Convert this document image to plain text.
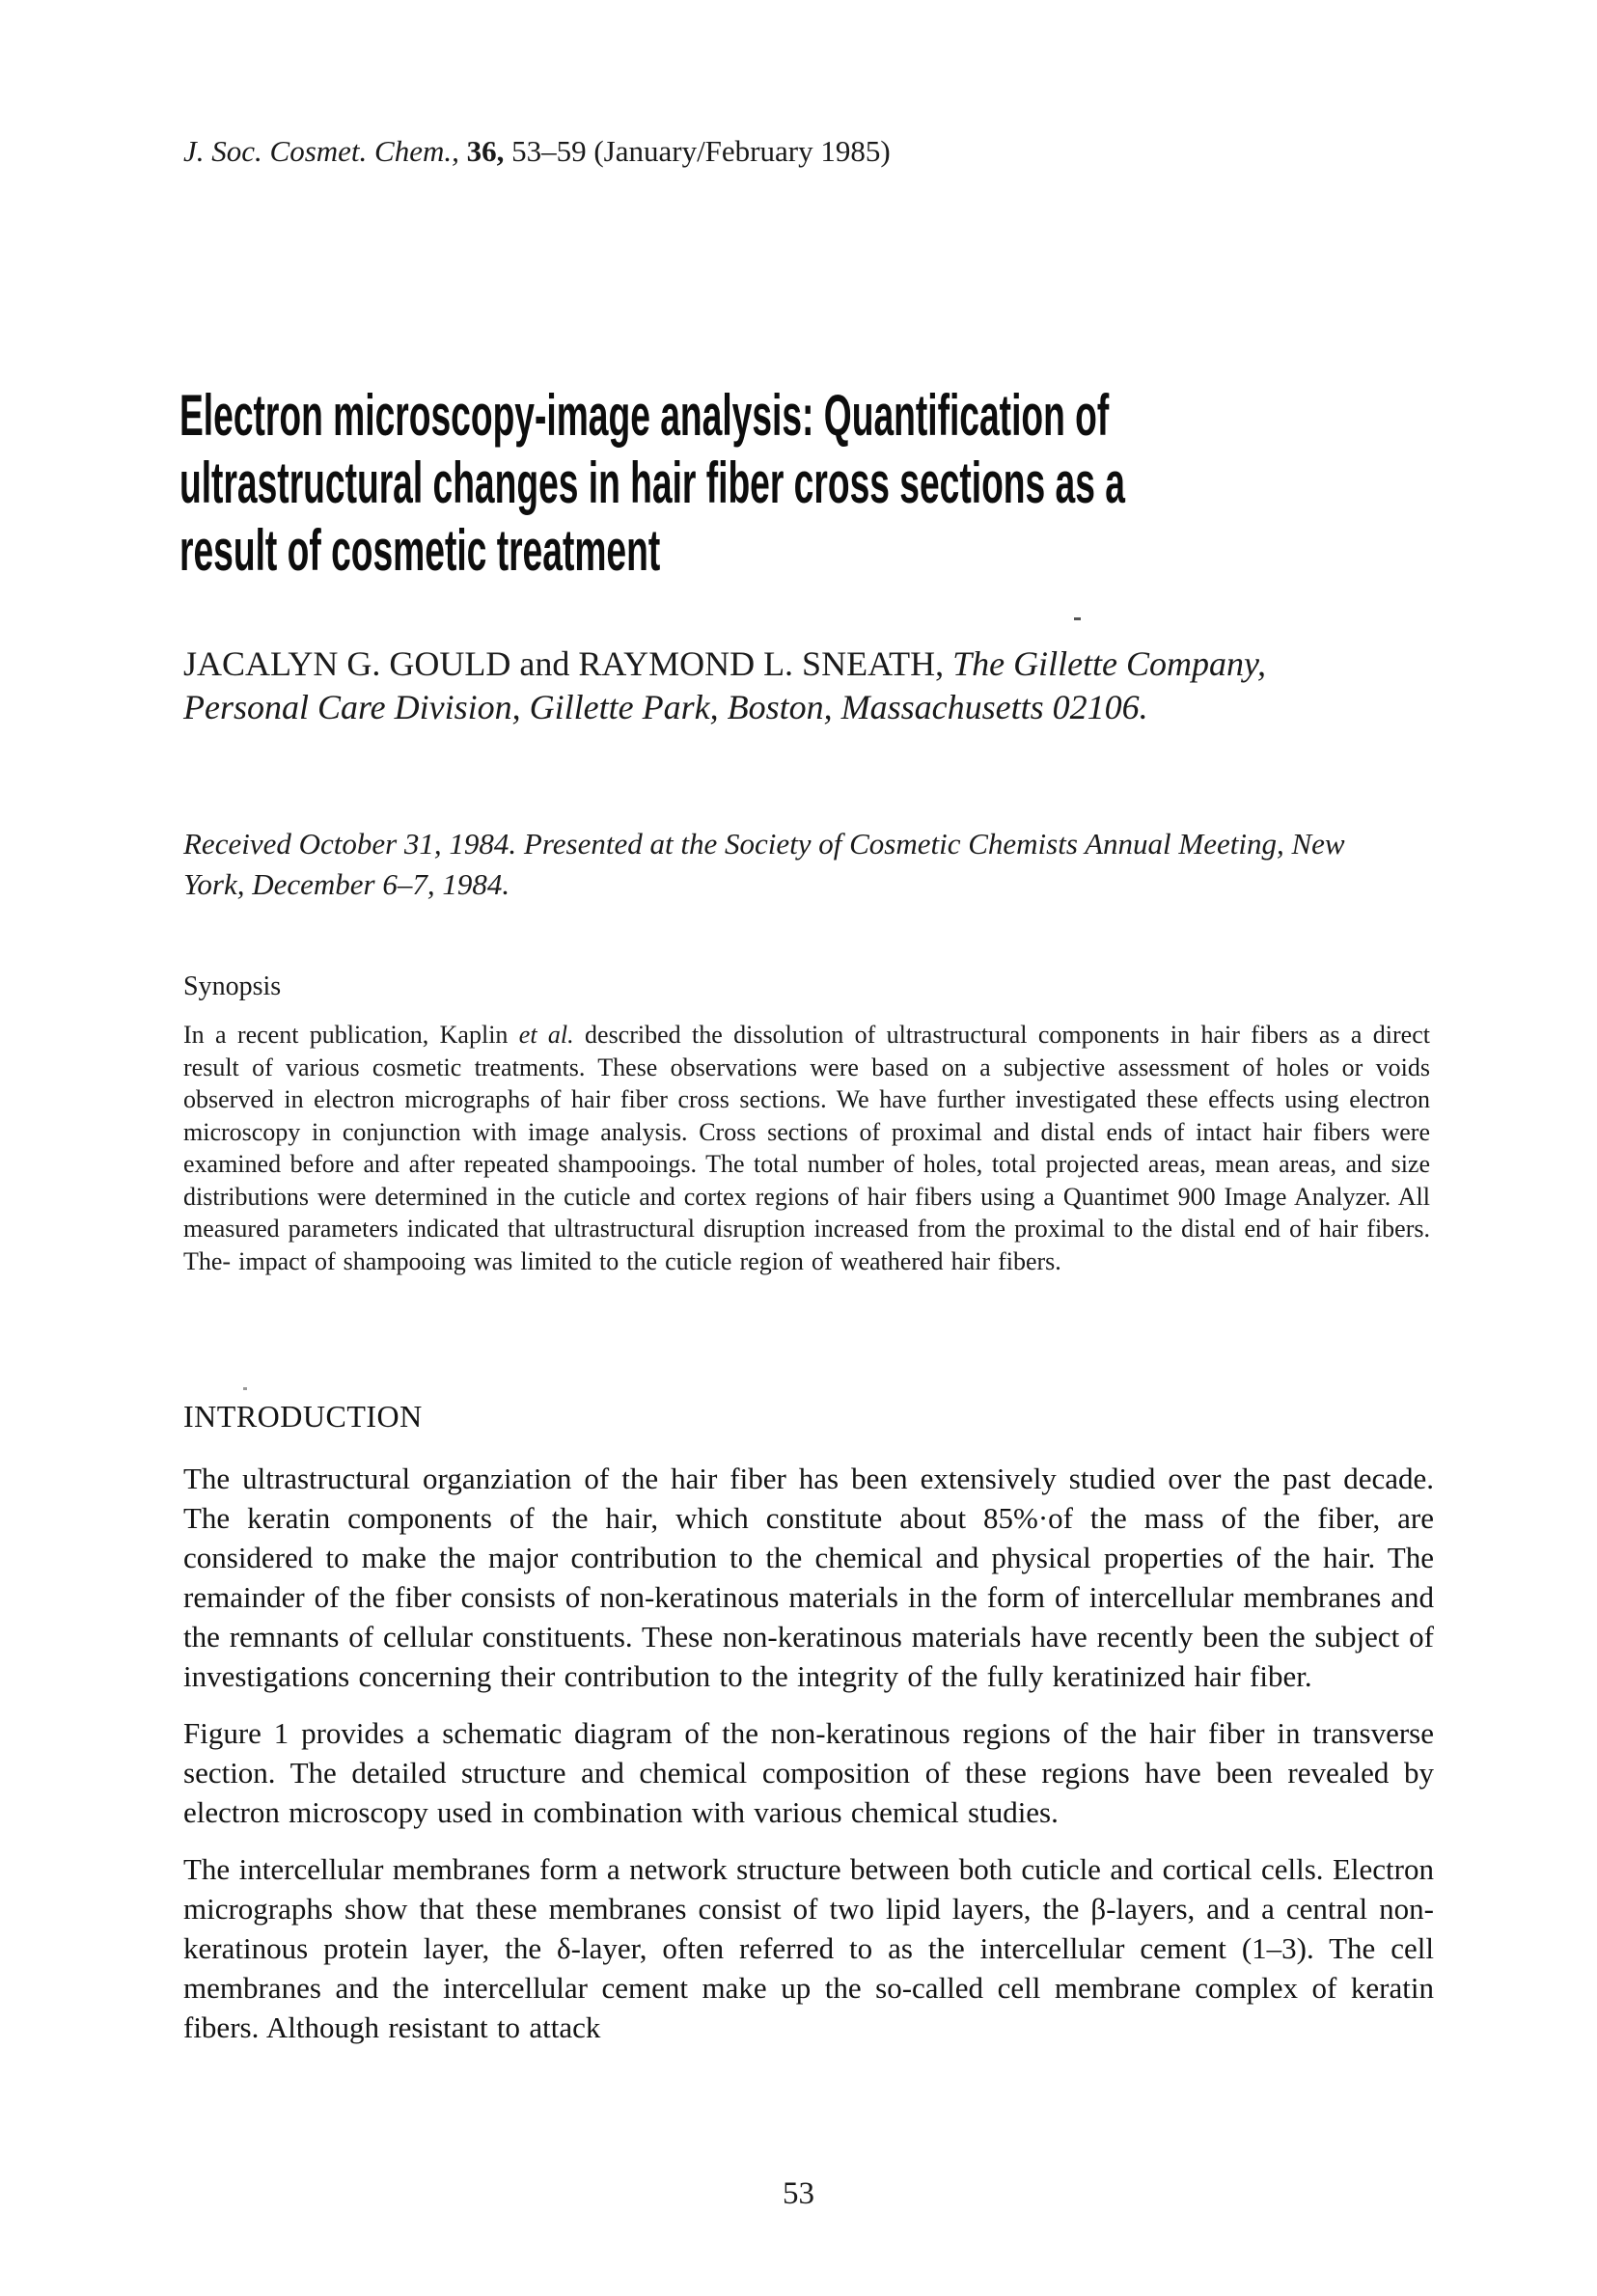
J. Soc. Cosmet. Chem., 36, 53–59 (January/February 1985)
Electron microscopy-image analysis: Quantification of
ultrastructural changes in hair fiber cross sections as a
result of cosmetic treatment
JACALYN G. GOULD and RAYMOND L. SNEATH, The Gillette Company, Personal Care Division, Gillette Park, Boston, Massachusetts 02106.
Received October 31, 1984. Presented at the Society of Cosmetic Chemists Annual Meeting, New York, December 6–7, 1984.
Synopsis
In a recent publication, Kaplin et al. described the dissolution of ultrastructural components in hair fibers as a direct result of various cosmetic treatments. These observations were based on a subjective assessment of holes or voids observed in electron micrographs of hair fiber cross sections. We have further investigated these effects using electron microscopy in conjunction with image analysis. Cross sections of proximal and distal ends of intact hair fibers were examined before and after repeated shampooings. The total number of holes, total projected areas, mean areas, and size distributions were determined in the cuticle and cortex regions of hair fibers using a Quantimet 900 Image Analyzer. All measured parameters indicated that ultrastructural disruption increased from the proximal to the distal end of hair fibers. The- impact of shampooing was limited to the cuticle region of weathered hair fibers.
INTRODUCTION

The ultrastructural organziation of the hair fiber has been extensively studied over the past decade. The keratin components of the hair, which constitute about 85%·of the mass of the fiber, are considered to make the major contribution to the chemical and physical properties of the hair. The remainder of the fiber consists of non-keratinous materials in the form of intercellular membranes and the remnants of cellular constituents. These non-keratinous materials have recently been the subject of investigations concerning their contribution to the integrity of the fully keratinized hair fiber.

Figure 1 provides a schematic diagram of the non-keratinous regions of the hair fiber in transverse section. The detailed structure and chemical composition of these regions have been revealed by electron microscopy used in combination with various chemical studies.

The intercellular membranes form a network structure between both cuticle and cortical cells. Electron micrographs show that these membranes consist of two lipid layers, the β-layers, and a central non-keratinous protein layer, the δ-layer, often referred to as the intercellular cement (1–3). The cell membranes and the intercellular cement make up the so-called cell membrane complex of keratin fibers. Although resistant to attack

53
